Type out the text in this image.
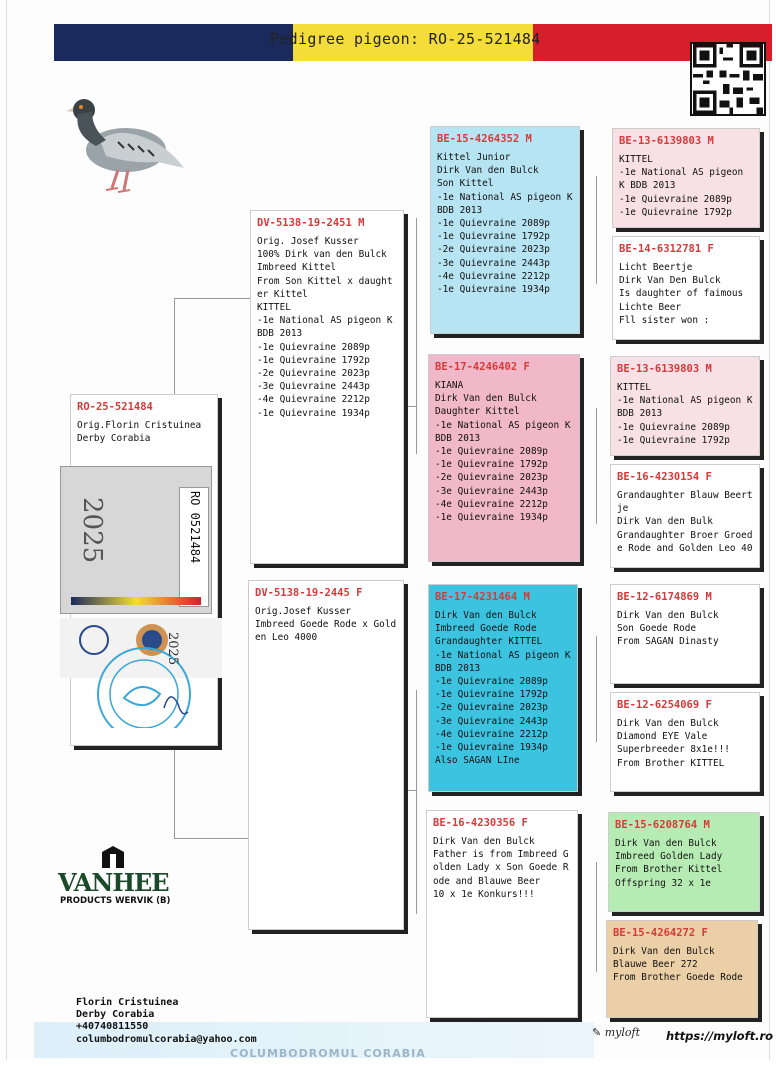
Pedigree pigeon: RO-25-521484
RO-25-521484
Orig.Florin Cristuinea
Derby Corabia
2025	RO 0521484
2025
DV-5138-19-2451 M
Orig. Josef Kusser
100% Dirk van den Bulck
Imbreed Kittel
From Son Kittel x daughter Kittel
KITTEL
-1e National AS pigeon K BDB 2013
-1e Quievraine 2089p
-1e Quievraine 1792p
-2e Quievraine 2023p
-3e Quievraine 2443p
-4e Quievraine 2212p
-1e Quievraine 1934p
DV-5138-19-2445 F
Orig.Josef Kusser
Imbreed Goede Rode x Golden Leo 4000
BE-15-4264352 M
Kittel Junior
Dirk Van den Bulck
Son Kittel
-1e National AS pigeon K BDB 2013
-1e Quievraine 2089p
-1e Quievraine 1792p
-2e Quievraine 2023p
-3e Quievraine 2443p
-4e Quievraine 2212p
-1e Quievraine 1934p
BE-17-4246402 F
KIANA
Dirk Van den Bulck
Daughter Kittel
-1e National AS pigeon K BDB 2013
-1e Quievraine 2089p
-1e Quievraine 1792p
-2e Quievraine 2023p
-3e Quievraine 2443p
-4e Quievraine 2212p
-1e Quievraine 1934p
BE-17-4231464 M
Dirk Van den Bulck
Imbreed Goede Rode
Grandaughter KITTEL
-1e National AS pigeon K BDB 2013
-1e Quievraine 2089p
-1e Quievraine 1792p
-2e Quievraine 2023p
-3e Quievraine 2443p
-4e Quievraine 2212p
-1e Quievraine 1934p
Also SAGAN LIne
BE-16-4230356 F
Dirk Van den Bulck
Father is from Imbreed Golden Lady x Son Goede Rode and Blauwe Beer
10 x 1e Konkurs!!!
BE-13-6139803 M
KITTEL
-1e National AS pigeon K BDB 2013
-1e Quievraine 2089p
-1e Quievraine 1792p
BE-14-6312781 F
Licht Beertje
Dirk Van Den Bulck
Is daughter of faimous Lichte Beer
Fll sister won :
BE-13-6139803 M
KITTEL
-1e National AS pigeon K BDB 2013
-1e Quievraine 2089p
-1e Quievraine 1792p
BE-16-4230154 F
Grandaughter Blauw Beertje
Dirk Van den Bulk
Grandaughter Broer Groede Rode and Golden Leo 40
BE-12-6174869 M
Dirk Van den Bulck
Son Goede Rode
From SAGAN Dinasty
BE-12-6254069 F
Dirk Van den Bulck
Diamond EYE Vale
Superbreeder 8x1e!!!
From Brother KITTEL
BE-15-6208764 M
Dirk Van den Bulck
Imbreed Golden Lady
From Brother Kittel
Offspring 32 x 1e
BE-15-4264272 F
Dirk Van den Bulck
Blauwe Beer 272
From Brother Goede Rode
VANHEE
PRODUCTS WERVIK (B)
COLUMBODROMUL CORABIA
Florin Cristuinea
Derby Corabia
+40740811550
columbodromulcorabia@yahoo.com
✎ myloft https://myloft.ro
